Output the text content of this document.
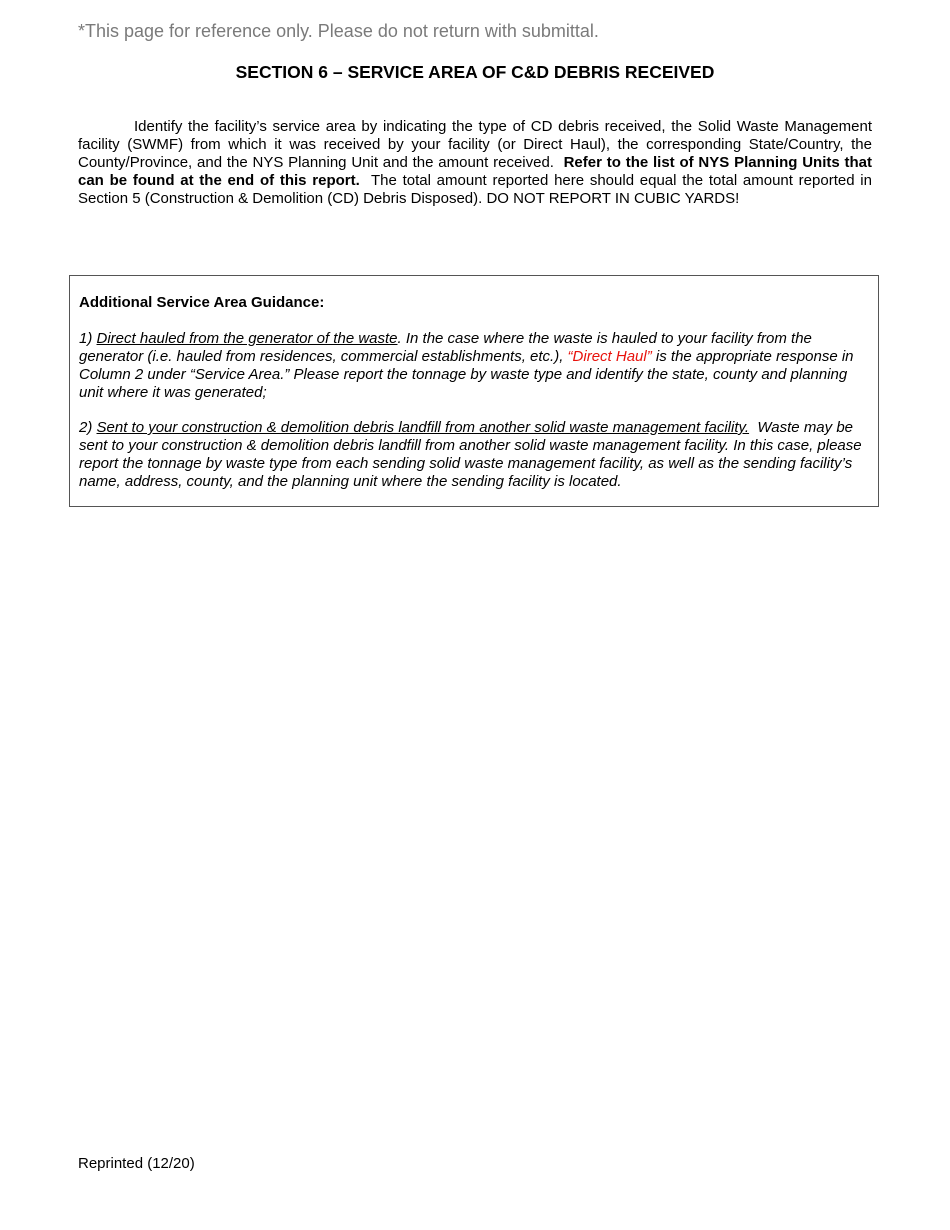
*This page for reference only. Please do not return with submittal.
SECTION 6 – SERVICE AREA OF C&D DEBRIS RECEIVED

Identify the facility’s service area by indicating the type of CD debris received, the Solid Waste Management facility (SWMF) from which it was received by your facility (or Direct Haul), the corresponding State/Country, the County/Province, and the NYS Planning Unit and the amount received. Refer to the list of NYS Planning Units that can be found at the end of this report. The total amount reported here should equal the total amount reported in Section 5 (Construction & Demolition (CD) Debris Disposed). DO NOT REPORT IN CUBIC YARDS!

Additional Service Area Guidance:

1) Direct hauled from the generator of the waste. In the case where the waste is hauled to your facility from the generator (i.e. hauled from residences, commercial establishments, etc.), “Direct Haul” is the appropriate response in Column 2 under “Service Area.” Please report the tonnage by waste type and identify the state, county and planning unit where it was generated;

2) Sent to your construction & demolition debris landfill from another solid waste management facility. Waste may be sent to your construction & demolition debris landfill from another solid waste management facility. In this case, please report the tonnage by waste type from each sending solid waste management facility, as well as the sending facility’s name, address, county, and the planning unit where the sending facility is located.

Reprinted (12/20)
